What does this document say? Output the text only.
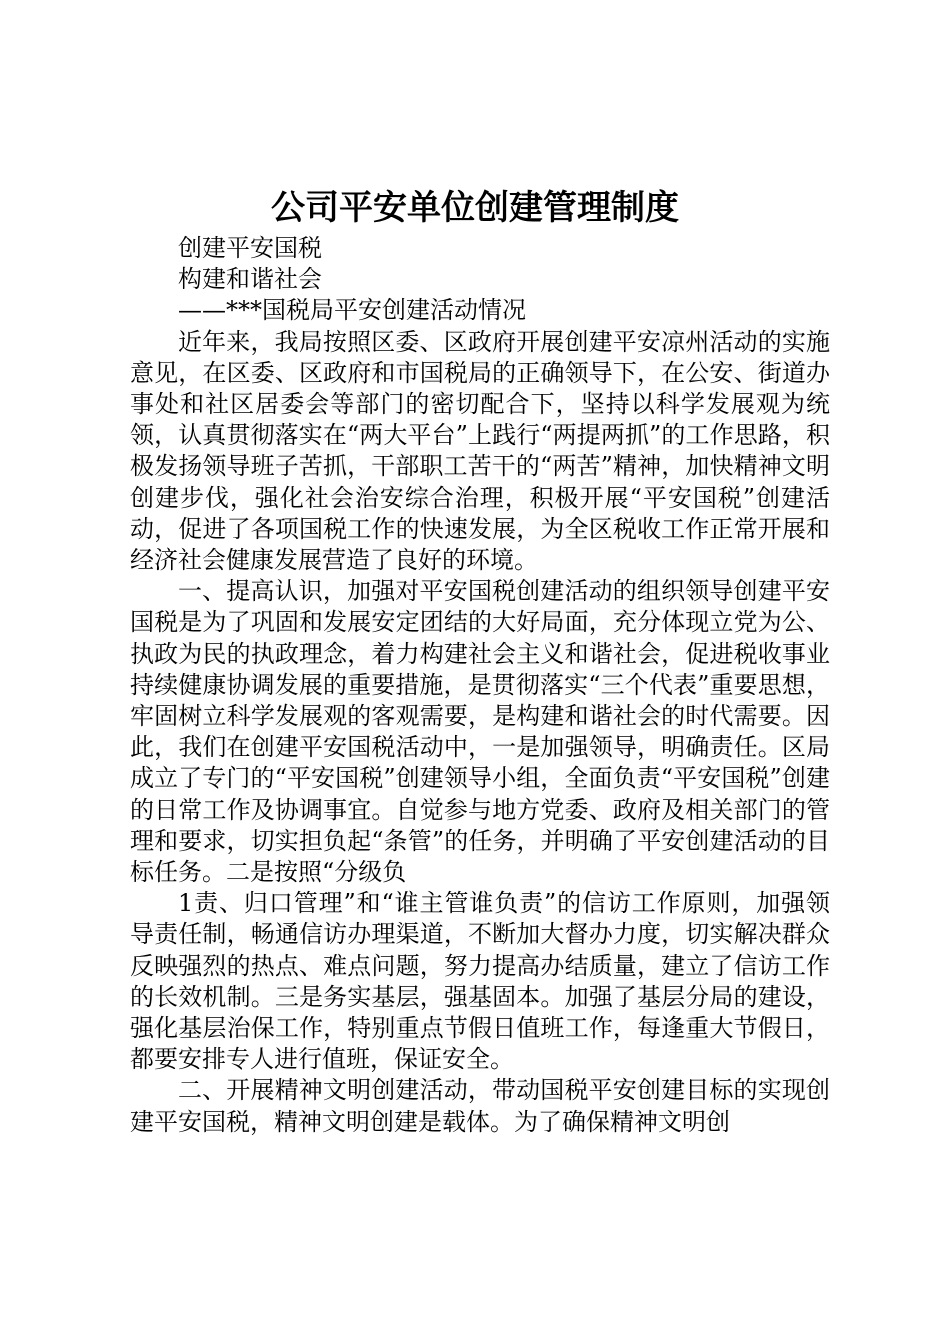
公司平安单位创建管理制度

创建平安国税

构建和谐社会

——***国税局平安创建活动情况

近年来，我局按照区委、区政府开展创建平安凉州活动的实施意见，在区委、区政府和市国税局的正确领导下，在公安、街道办事处和社区居委会等部门的密切配合下，坚持以科学发展观为统领，认真贯彻落实在“两大平台”上践行“两提两抓”的工作思路，积极发扬领导班子苦抓，干部职工苦干的“两苦”精神，加快精神文明创建步伐，强化社会治安综合治理，积极开展“平安国税”创建活动，促进了各项国税工作的快速发展，为全区税收工作正常开展和经济社会健康发展营造了良好的环境。

一、提高认识，加强对平安国税创建活动的组织领导创建平安国税是为了巩固和发展安定团结的大好局面，充分体现立党为公、执政为民的执政理念，着力构建社会主义和谐社会，促进税收事业持续健康协调发展的重要措施，是贯彻落实“三个代表”重要思想，牢固树立科学发展观的客观需要，是构建和谐社会的时代需要。因此，我们在创建平安国税活动中，一是加强领导，明确责任。区局成立了专门的“平安国税”创建领导小组，全面负责“平安国税”创建的日常工作及协调事宜。自觉参与地方党委、政府及相关部门的管理和要求，切实担负起“条管”的任务，并明确了平安创建活动的目标任务。二是按照“分级负

1责、归口管理”和“谁主管谁负责”的信访工作原则，加强领导责任制，畅通信访办理渠道，不断加大督办力度，切实解决群众反映强烈的热点、难点问题，努力提高办结质量，建立了信访工作的长效机制。三是务实基层，强基固本。加强了基层分局的建设，强化基层治保工作，特别重点节假日值班工作，每逢重大节假日，都要安排专人进行值班，保证安全。

二、开展精神文明创建活动，带动国税平安创建目标的实现创建平安国税，精神文明创建是载体。为了确保精神文明创
